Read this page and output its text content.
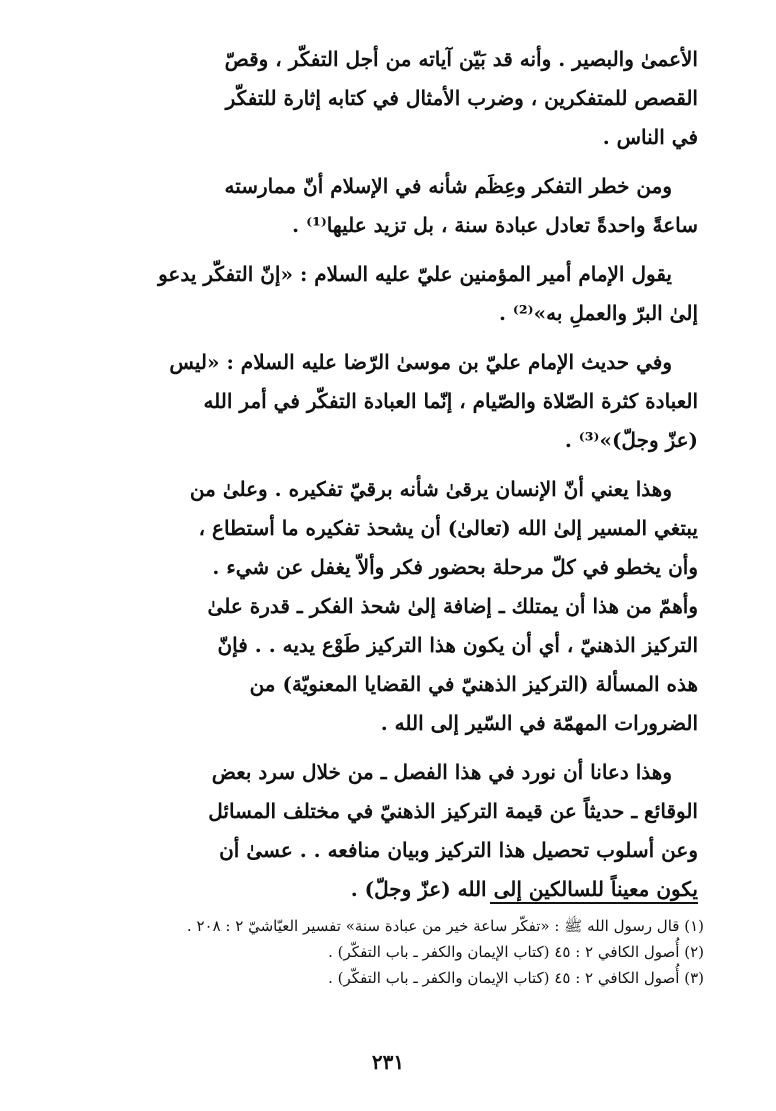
الأعمىٰ والبصير . وأنه قد بَيّن آياته من أجل التفكّر ، وقصّ
القصص للمتفكرين ، وضرب الأمثال في كتابه إثارة للتفكّر
في الناس .

ومن خطر التفكر وعِظَم شأنه في الإسلام أنّ ممارسته
ساعةً واحدةً تعادل عبادة سنة ، بل تزيد عليها⁽¹⁾ .

يقول الإمام أمير المؤمنين عليّ عليه السلام : «إنّ التفكّر يدعو
إلىٰ البرّ والعملِ به»⁽²⁾ .

وفي حديث الإمام عليّ بن موسىٰ الرّضا عليه السلام : «ليس
العبادة كثرة الصّلاة والصّيام ، إنّما العبادة التفكّر في أمر الله
(عزّ وجلّ)»⁽³⁾ .

وهذا يعني أنّ الإنسان يرقىٰ شأنه برقيّ تفكيره . وعلىٰ من
يبتغي المسير إلىٰ الله (تعالىٰ) أن يشحذ تفكيره ما أستطاع ،
وأن يخطو في كلّ مرحلة بحضور فكر وألاّ يغفل عن شيء .
وأهمّ من هذا أن يمتلك ـ إضافة إلىٰ شحذ الفكر ـ قدرة علىٰ
التركيز الذهنيّ ، أي أن يكون هذا التركيز طَوْع يديه . . فإنّ
هذه المسألة (التركيز الذهنيّ في القضايا المعنويّة) من
الضرورات المهمّة في السّير إلى الله .

وهذا دعانا أن نورد في هذا الفصل ـ من خلال سرد بعض
الوقائع ـ حديثاً عن قيمة التركيز الذهنيّ في مختلف المسائل
وعن أسلوب تحصيل هذا التركيز وبيان منافعه . . عسىٰ أن
يكون معيناً للسالكين إلى الله (عزّ وجلّ) .

(١) قال رسول الله ﷺ : «تفكّر ساعة خير من عبادة سنة» تفسير العيّاشيّ ٢ : ٢٠٨ .
(٢) أُصول الكافي ٢ : ٤٥ (كتاب الإيمان والكفر ـ باب التفكّر) .
(٣) أُصول الكافي ٢ : ٤٥ (كتاب الإيمان والكفر ـ باب التفكّر) .
٢٣١
